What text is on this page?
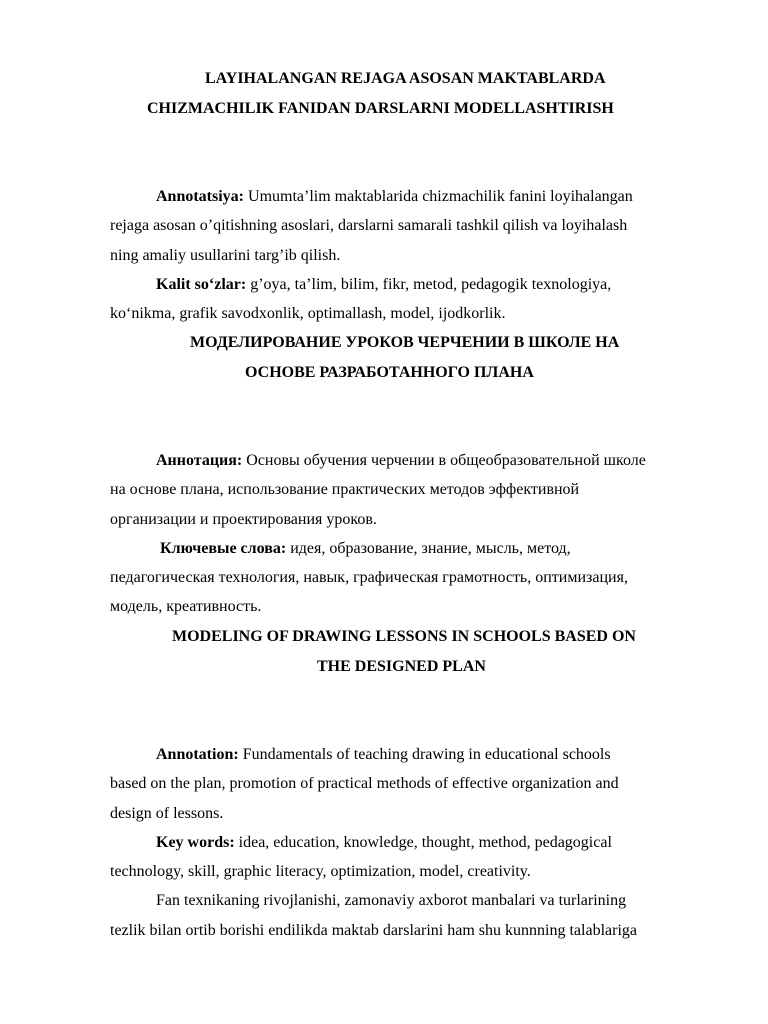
LAYIHALANGAN REJAGA ASOSAN MAKTABLARDA
CHIZMACHILIK FANIDAN DARSLARNI MODELLASHTIRISH
Annotatsiya: Umumta’lim maktablarida chizmachilik fanini loyihalangan
rejaga asosan o’qitishning asoslari, darslarni samarali tashkil qilish va loyihalash
ning amaliy usullarini targ’ib qilish.
Kalit so‘zlar: g’oya, ta’lim, bilim, fikr, metod, pedagogik texnologiya,
ko‘nikma, grafik savodxonlik, optimallash, model, ijodkorlik.
МОДЕЛИРОВАНИЕ УРОКОВ ЧЕРЧЕНИИ В ШКОЛЕ НА
ОСНОВЕ РАЗРАБОТАННОГО ПЛАНА
Аннотация: Основы обучения черчении в общеобразовательной школе
на основе плана, использование практических методов эффективной
организации и проектирования уроков.
Ключевые слова: идея, образование, знание, мысль, метод,
педагогическая технология, навык, графическая грамотность, оптимизация,
модель, креативность.
MODELING OF DRAWING LESSONS IN SCHOOLS BASED ON
THE DESIGNED PLAN
Annotation: Fundamentals of teaching drawing in educational schools
based on the plan, promotion of practical methods of effective organization and
design of lessons.
Key words: idea, education, knowledge, thought, method, pedagogical
technology, skill, graphic literacy, optimization, model, creativity.
Fan texnikaning rivojlanishi, zamonaviy axborot manbalari va turlarining
tezlik bilan ortib borishi endilikda maktab darslarini ham shu kunnning talablariga
